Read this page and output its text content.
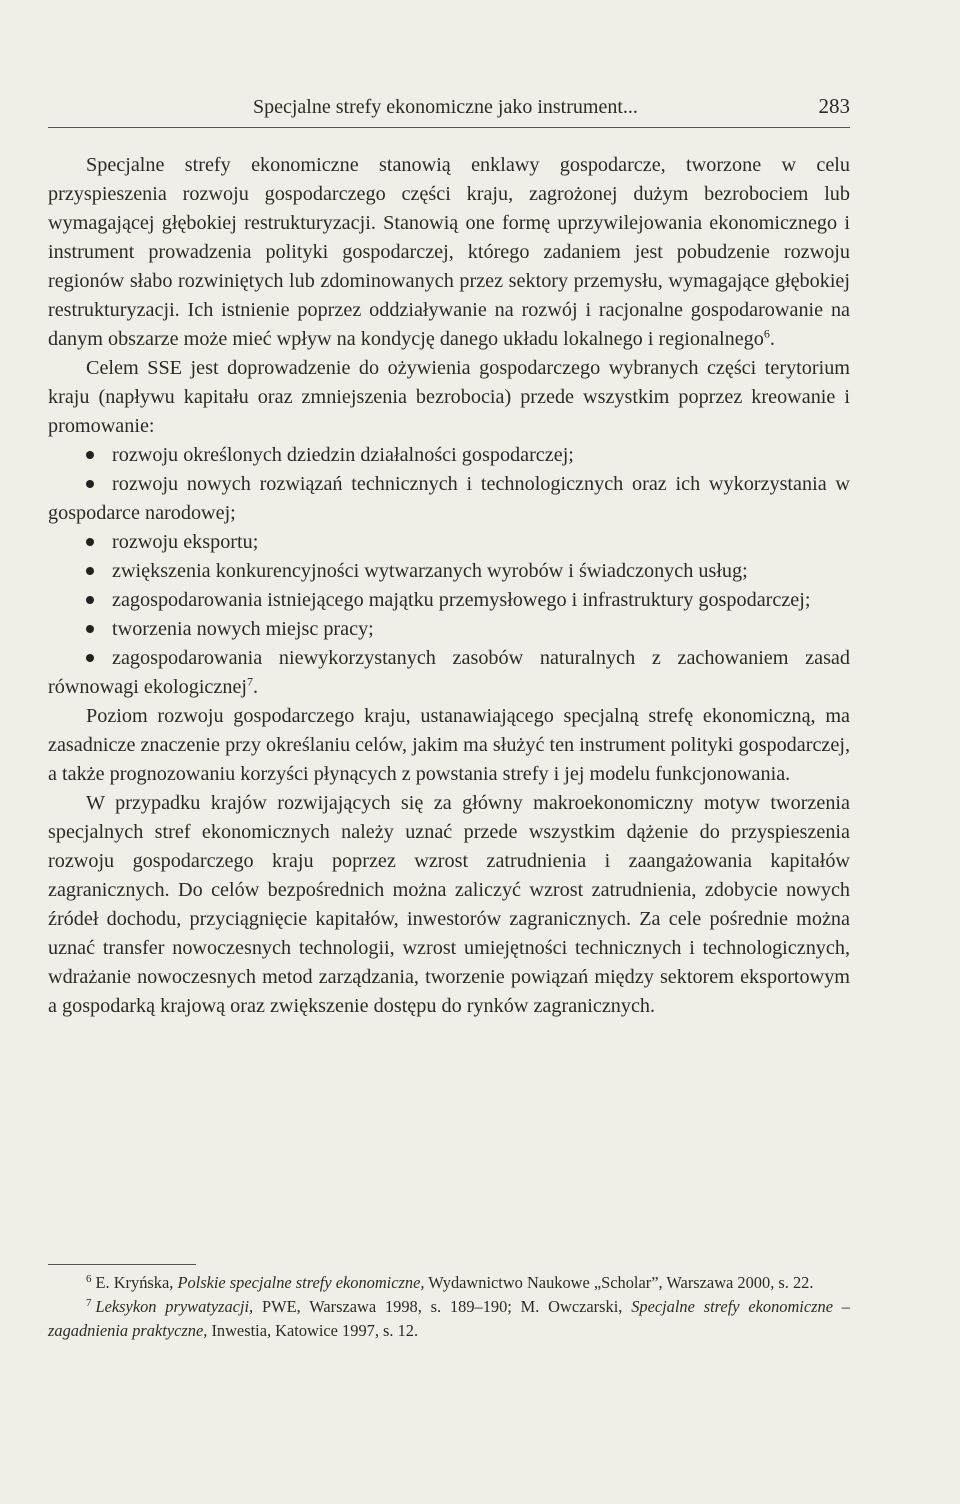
Specjalne strefy ekonomiczne jako instrument...	283

Specjalne strefy ekonomiczne stanowią enklawy gospodarcze, tworzone w celu przyspieszenia rozwoju gospodarczego części kraju, zagrożonej dużym bezrobociem lub wymagającej głębokiej restrukturyzacji. Stanowią one formę uprzywilejowania ekonomicznego i instrument prowadzenia polityki gospodarczej, którego zadaniem jest pobudzenie rozwoju regionów słabo rozwiniętych lub zdominowanych przez sektory przemysłu, wymagające głębokiej restrukturyzacji. Ich istnienie poprzez oddziaływanie na rozwój i racjonalne gospodarowanie na danym obszarze może mieć wpływ na kondycję danego układu lokalnego i regionalnego$^6$.

Celem SSE jest doprowadzenie do ożywienia gospodarczego wybranych części terytorium kraju (napływu kapitału oraz zmniejszenia bezrobocia) przede wszystkim poprzez kreowanie i promowanie:

rozwoju określonych dziedzin działalności gospodarczej;
rozwoju nowych rozwiązań technicznych i technologicznych oraz ich wykorzystania w gospodarce narodowej;
rozwoju eksportu;
zwiększenia konkurencyjności wytwarzanych wyrobów i świadczonych usług;
zagospodarowania istniejącego majątku przemysłowego i infrastruktury gospodarczej;
tworzenia nowych miejsc pracy;
zagospodarowania niewykorzystanych zasobów naturalnych z zachowaniem zasad równowagi ekologicznej$^7$.

Poziom rozwoju gospodarczego kraju, ustanawiającego specjalną strefę ekonomiczną, ma zasadnicze znaczenie przy określaniu celów, jakim ma służyć ten instrument polityki gospodarczej, a także prognozowaniu korzyści płynących z powstania strefy i jej modelu funkcjonowania.

W przypadku krajów rozwijających się za główny makroekonomiczny motyw tworzenia specjalnych stref ekonomicznych należy uznać przede wszystkim dążenie do przyspieszenia rozwoju gospodarczego kraju poprzez wzrost zatrudnienia i zaangażowania kapitałów zagranicznych. Do celów bezpośrednich można zaliczyć wzrost zatrudnienia, zdobycie nowych źródeł dochodu, przyciągnięcie kapitałów, inwestorów zagranicznych. Za cele pośrednie można uznać transfer nowoczesnych technologii, wzrost umiejętności technicznych i technologicznych, wdrażanie nowoczesnych metod zarządzania, tworzenie powiązań między sektorem eksportowym a gospodarką krajową oraz zwiększenie dostępu do rynków zagranicznych.

$^6$ E. Kryńska, Polskie specjalne strefy ekonomiczne, Wydawnictwo Naukowe „Scholar”, Warszawa 2000, s. 22.

$^7$ Leksykon prywatyzacji, PWE, Warszawa 1998, s. 189–190; M. Owczarski, Specjalne strefy ekonomiczne – zagadnienia praktyczne, Inwestia, Katowice 1997, s. 12.
